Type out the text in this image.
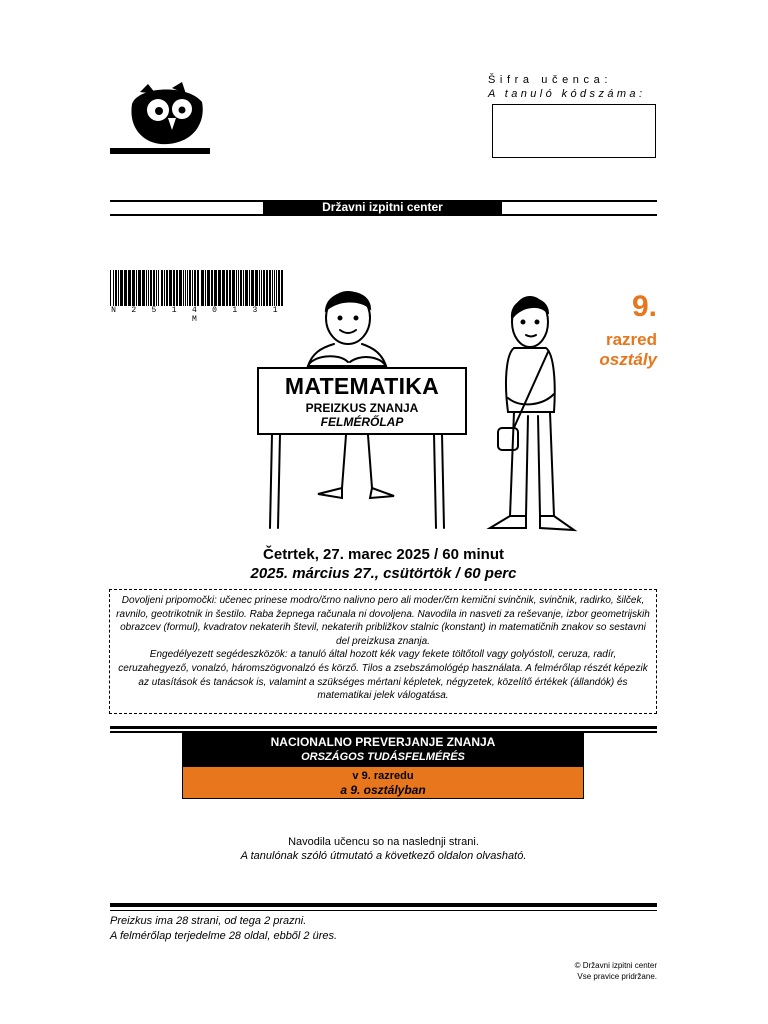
Šifra učenca:
A tanuló kódszáma:
Državni izpitni center
N 2 5 1 4 0 1 3 1 M
MATEMATIKA
PREIZKUS ZNANJA
FELMÉRŐLAP
9.
razred
osztály
Četrtek, 27. marec 2025 / 60 minut
2025. március 27., csütörtök / 60 perc
Dovoljeni pripomočki: učenec prinese modro/črno nalivno pero ali moder/črn kemični svinčnik, svinčnik, radirko, šilček, ravnilo, geotrikotnik in šestilo. Raba žepnega računala ni dovoljena. Navodila in nasveti za reševanje, izbor geometrijskih obrazcev (formul), kvadratov nekaterih števil, nekaterih približkov stalnic (konstant) in matematičnih znakov so sestavni del preizkusa znanja.
Engedélyezett segédeszközök: a tanuló által hozott kék vagy fekete töltőtoll vagy golyóstoll, ceruza, radír, ceruzahegyező, vonalzó, háromszögvonalzó és körző. Tilos a zsebszámológép használata. A felmérőlap részét képezik az utasítások és tanácsok is, valamint a szükséges mértani képletek, négyzetek, közelítő értékek (állandók) és matematikai jelek válogatása.
NACIONALNO PREVERJANJE ZNANJA
ORSZÁGOS TUDÁSFELMÉRÉS
v 9. razredu
a 9. osztályban
Navodila učencu so na naslednji strani.
A tanulónak szóló útmutató a következő oldalon olvasható.
Preizkus ima 28 strani, od tega 2 prazni.
A felmérőlap terjedelme 28 oldal, ebből 2 üres.
© Državni izpitni center
Vse pravice pridržane.
